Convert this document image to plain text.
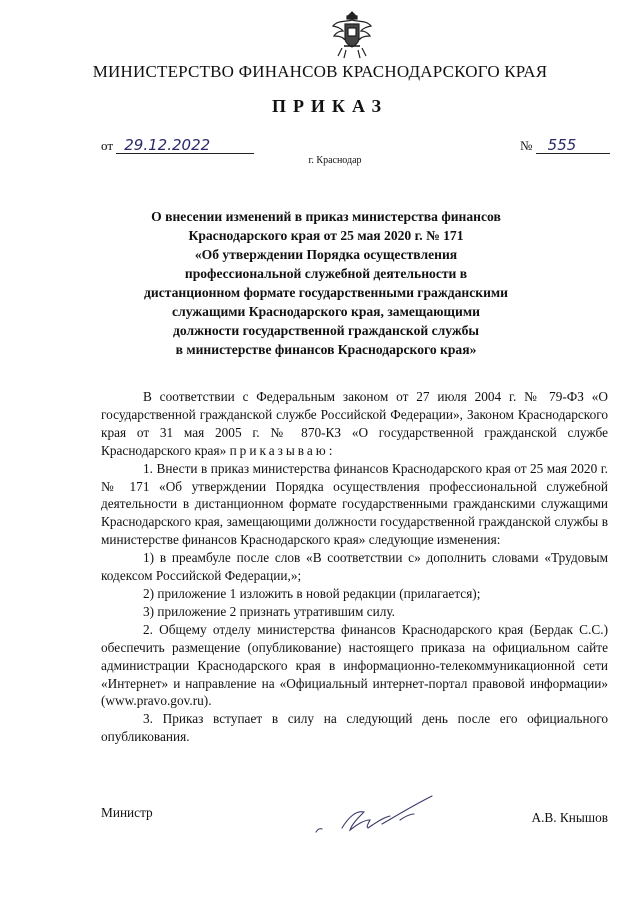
МИНИСТЕРСТВО ФИНАНСОВ КРАСНОДАРСКОГО КРАЯ
ПРИКАЗ
от 29.12.2022	№ 555
г. Краснодар
О внесении изменений в приказ министерства финансов
Краснодарского края от 25 мая 2020 г. № 171
«Об утверждении Порядка осуществления
профессиональной служебной деятельности в
дистанционном формате государственными гражданскими
служащими Краснодарского края, замещающими
должности государственной гражданской службы
в министерстве финансов Краснодарского края»

В соответствии с Федеральным законом от 27 июля 2004 г. № 79-ФЗ «О государственной гражданской службе Российской Федерации», Законом Краснодарского края от 31 мая 2005 г. № 870-КЗ «О государственной гражданской службе Краснодарского края» приказываю:

1. Внести в приказ министерства финансов Краснодарского края от 25 мая 2020 г. № 171 «Об утверждении Порядка осуществления профессиональной служебной деятельности в дистанционном формате государственными гражданскими служащими Краснодарского края, замещающими должности государственной гражданской службы в министерстве финансов Краснодарского края» следующие изменения:

1) в преамбуле после слов «В соответствии с» дополнить словами «Трудовым кодексом Российской Федерации,»;

2) приложение 1 изложить в новой редакции (прилагается);

3) приложение 2 признать утратившим силу.

2. Общему отделу министерства финансов Краснодарского края (Бердак С.С.) обеспечить размещение (опубликование) настоящего приказа на официальном сайте администрации Краснодарского края в информационно-телекоммуникационной сети «Интернет» и направление на «Официальный интернет-портал правовой информации» (www.pravo.gov.ru).

3. Приказ вступает в силу на следующий день после его официального опубликования.

Министр	А.В. Кнышов
